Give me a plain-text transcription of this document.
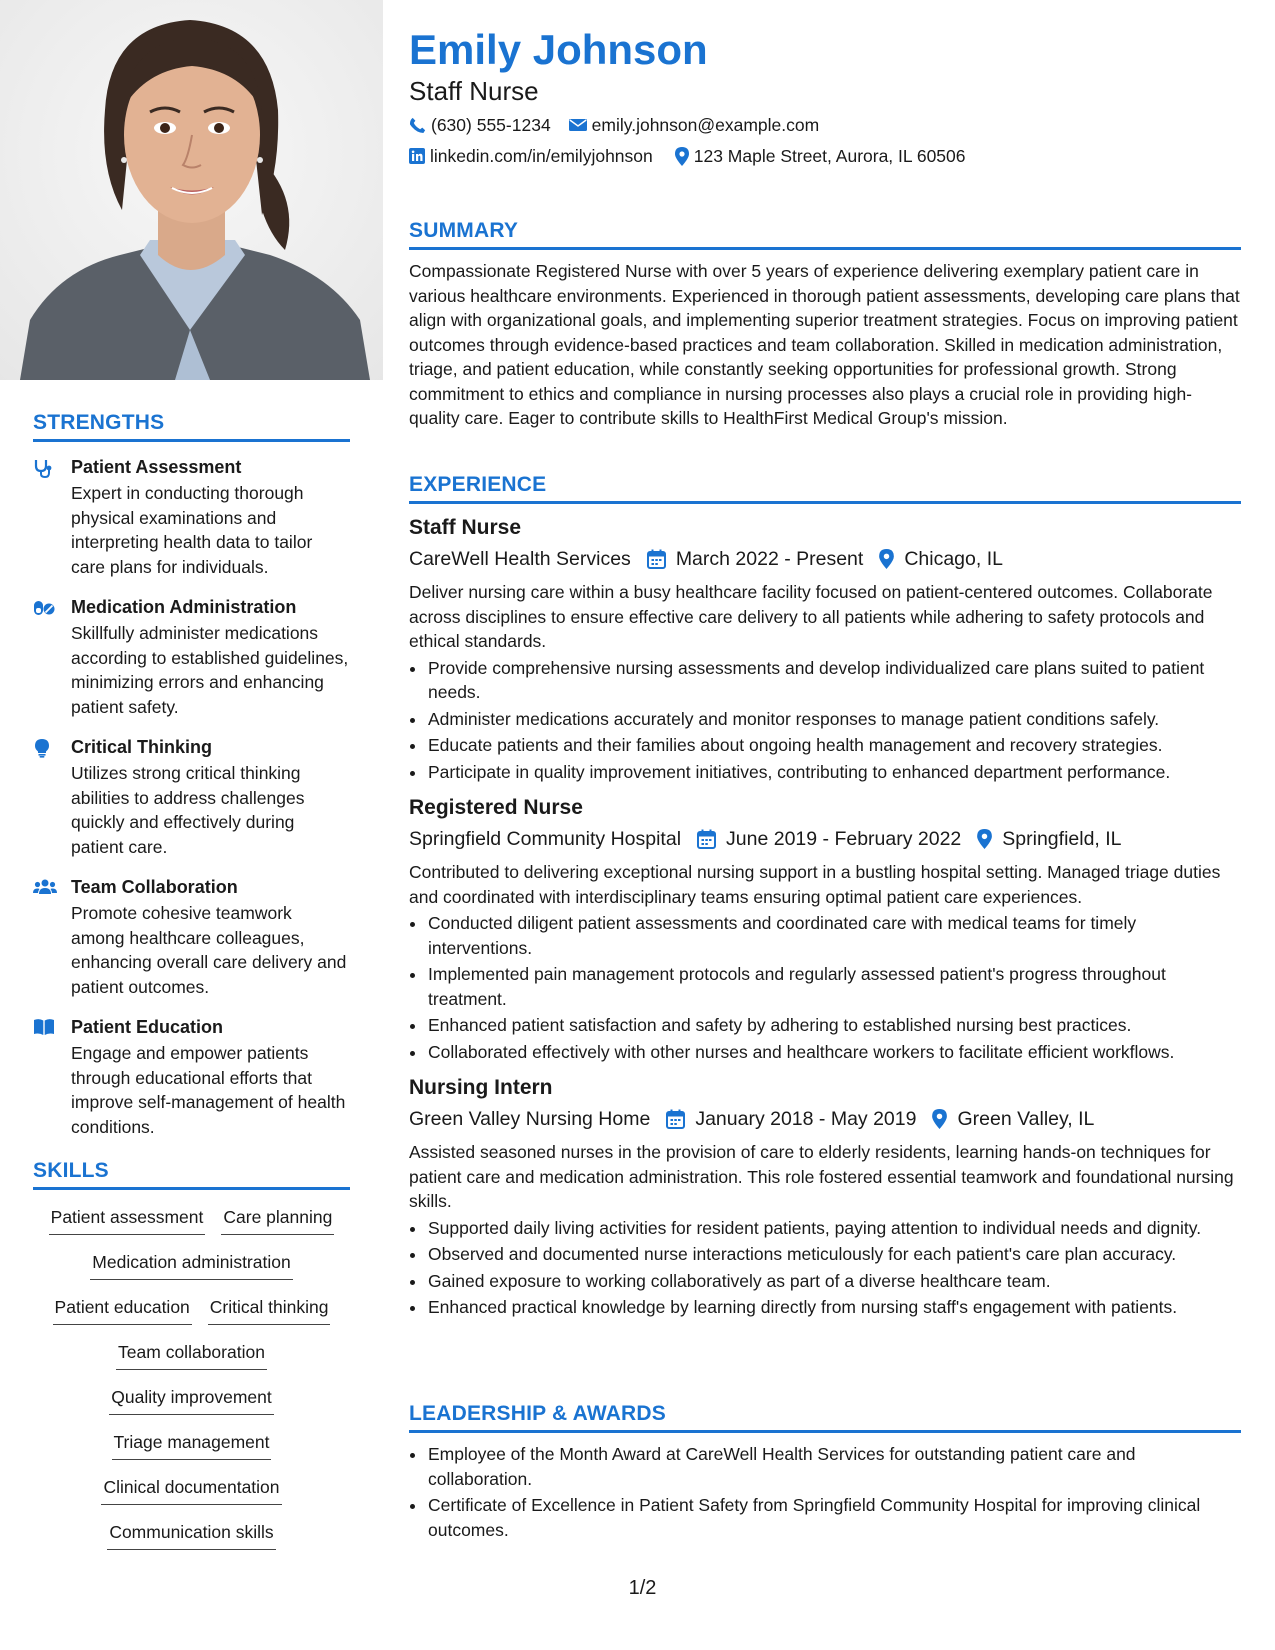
STRENGTHS
Patient Assessment
Expert in conducting thorough physical examinations and interpreting health data to tailor care plans for individuals.
Medication Administration
Skillfully administer medications according to established guidelines, minimizing errors and enhancing patient safety.
Critical Thinking
Utilizes strong critical thinking abilities to address challenges quickly and effectively during patient care.
Team Collaboration
Promote cohesive teamwork among healthcare colleagues, enhancing overall care delivery and patient outcomes.
Patient Education
Engage and empower patients through educational efforts that improve self-management of health conditions.
SKILLS
Patient assessment Care planning
Medication administration
Patient education Critical thinking
Team collaboration
Quality improvement
Triage management
Clinical documentation
Communication skills
Emily Johnson
Staff Nurse
(630) 555-1234 emily.johnson@example.com
linkedin.com/in/emilyjohnson 123 Maple Street, Aurora, IL 60506
SUMMARY
Compassionate Registered Nurse with over 5 years of experience delivering exemplary patient care in various healthcare environments. Experienced in thorough patient assessments, developing care plans that align with organizational goals, and implementing superior treatment strategies. Focus on improving patient outcomes through evidence-based practices and team collaboration. Skilled in medication administration, triage, and patient education, while constantly seeking opportunities for professional growth. Strong commitment to ethics and compliance in nursing processes also plays a crucial role in providing high-quality care. Eager to contribute skills to HealthFirst Medical Group's mission.
EXPERIENCE
Staff Nurse
CareWell Health Services March 2022 - Present Chicago, IL
Deliver nursing care within a busy healthcare facility focused on patient-centered outcomes. Collaborate across disciplines to ensure effective care delivery to all patients while adhering to safety protocols and ethical standards.
• Provide comprehensive nursing assessments and develop individualized care plans suited to patient needs.
• Administer medications accurately and monitor responses to manage patient conditions safely.
• Educate patients and their families about ongoing health management and recovery strategies.
• Participate in quality improvement initiatives, contributing to enhanced department performance.
Registered Nurse
Springfield Community Hospital June 2019 - February 2022 Springfield, IL
Contributed to delivering exceptional nursing support in a bustling hospital setting. Managed triage duties and coordinated with interdisciplinary teams ensuring optimal patient care experiences.
• Conducted diligent patient assessments and coordinated care with medical teams for timely interventions.
• Implemented pain management protocols and regularly assessed patient's progress throughout treatment.
• Enhanced patient satisfaction and safety by adhering to established nursing best practices.
• Collaborated effectively with other nurses and healthcare workers to facilitate efficient workflows.
Nursing Intern
Green Valley Nursing Home January 2018 - May 2019 Green Valley, IL
Assisted seasoned nurses in the provision of care to elderly residents, learning hands-on techniques for patient care and medication administration. This role fostered essential teamwork and foundational nursing skills.
• Supported daily living activities for resident patients, paying attention to individual needs and dignity.
• Observed and documented nurse interactions meticulously for each patient's care plan accuracy.
• Gained exposure to working collaboratively as part of a diverse healthcare team.
• Enhanced practical knowledge by learning directly from nursing staff's engagement with patients.
LEADERSHIP & AWARDS
• Employee of the Month Award at CareWell Health Services for outstanding patient care and collaboration.
• Certificate of Excellence in Patient Safety from Springfield Community Hospital for improving clinical outcomes.
1/2
